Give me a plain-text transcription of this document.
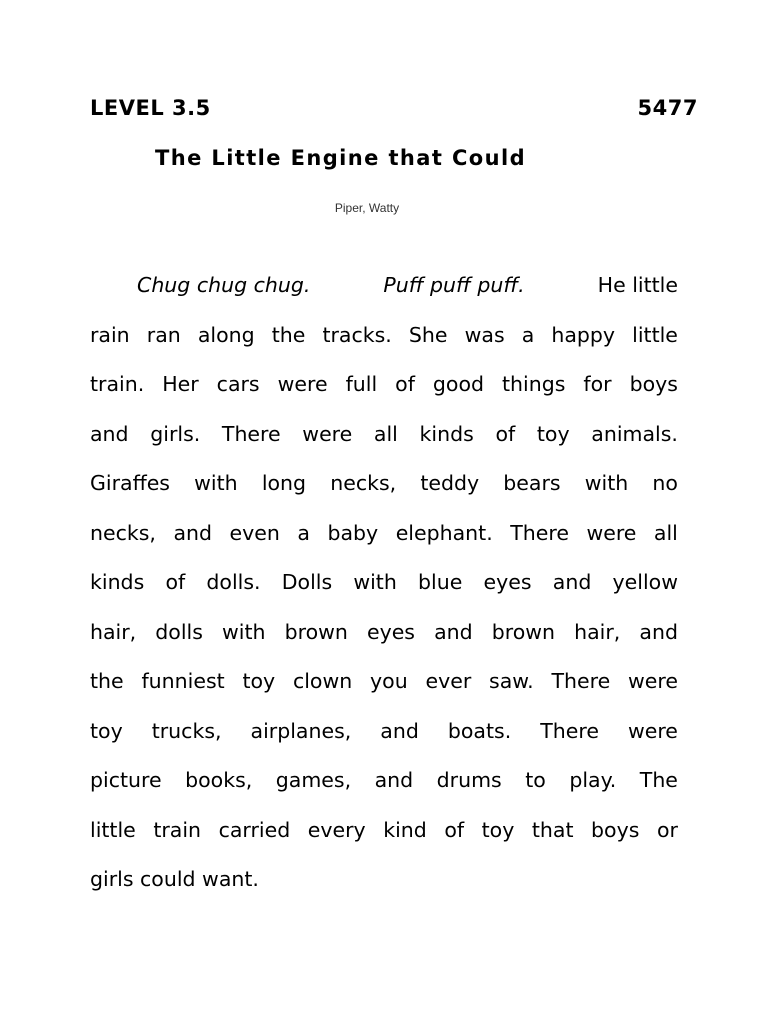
LEVEL 3.5	5477
The Little Engine that Could
Piper, Watty
Chug chug chug.	Puff puff puff.	He little
rain ran along the tracks. She was a happy little
train. Her cars were full of good things for boys
and girls. There were all kinds of toy animals.
Giraffes with long necks, teddy bears with no
necks, and even a baby elephant. There were all
kinds of dolls. Dolls with blue eyes and yellow
hair, dolls with brown eyes and brown hair, and
the funniest toy clown you ever saw. There were
toy trucks, airplanes, and boats. There were
picture books, games, and drums to play. The
little train carried every kind of toy that boys or
girls could want.
